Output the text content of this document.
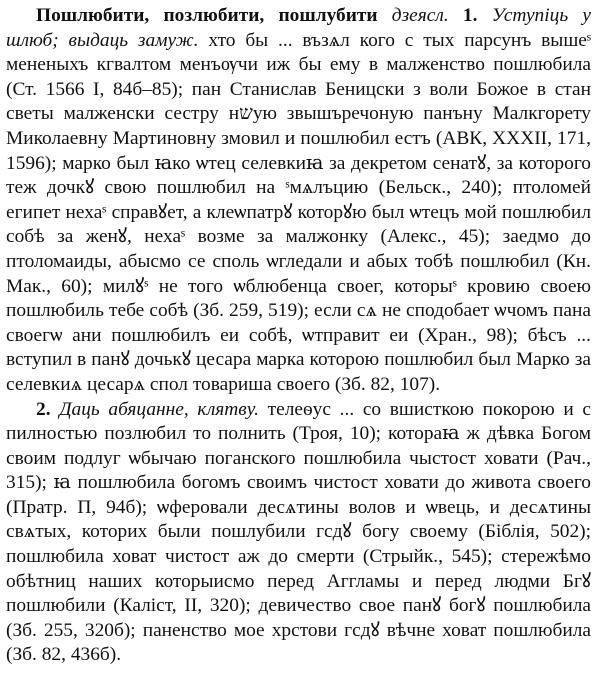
Пошлюбити, позлюбити, пошлубити дзеясл. 1. Уступіць у шлюб; выдаць замуж. хто бы ... възѧл кого с тых парсунъ вышеˢ мененыхъ кгвалтом менъѹчи иж бы ему в малженство пошлюбила (Ст. 1566 І, 84б–85); пан Станислав Беницски з воли Божое в стан светы малженски сестру нשую звышъречоную панъну Малкгорету Миколаевну Мартиновну змовил и пошлюбил естъ (АВК, XXXII, 171, 1596); марко был ꙗко ѡтец селевкиꙗ за декретом сенатꙋ, за которого теж дочкꙋ свою пошлюбил на ˢмѧлъцию (Бельск., 240); птоломей египет нехаˢ справꙋет, а клеѡпатрꙋ которꙋю был ѡтецъ мой пошлюбил собѣ за женꙋ, нехаˢ возме за малжонку (Алекс., 45); заедмо до птоломаиды, абысмо се споль ѡгледали и абых тобѣ пошлюбил (Кн. Мак., 60); милꙋˢ не того ѡблюбенца своег, которыˢ кровию своею пошлюбиль тебе собѣ (Зб. 259, 519); если сѧ не сподобает ѡчомъ пана своегѡ ани пошлюбилъ еи собѣ, ѡтправит еи (Хран., 98); бѣсъ ... вступил в панꙋ дочькꙋ цесара марка которою пошлюбил был Марко за селевкиѧ цесарѧ спол товариша своего (Зб. 82, 107).

2. Даць абяцанне, клятву. телеѳус ... со вшисткою покорою и с пилностью позлюбил то полнить (Троя, 10); котораꙗ ж дѣвка Богом своим подлуг ѡбычаю поганского пошлюбила чыстост ховати (Рач., 315); ꙗ пошлюбила богомъ своимъ чистост ховати до живота своего (Пратр. П, 94б); ѡферовали десѧтины волов и ѡвець, и десѧтины свѧтых, которих были пошлубили гсдꙋ богу своему (Біблія, 502); пошлюбила ховат чистост аж до смерти (Стрыйк., 545); стережѣмо обѣтниц наших которыисмо перед Аггламы и перед людми Бгꙋ пошлюбили (Каліст, II, 320); девичество свое панꙋ богꙋ пошлюбила (Зб. 255, 320б); паненство мое хрстови гсдꙋ вѣчне ховат пошлюбила (Зб. 82, 436б).
